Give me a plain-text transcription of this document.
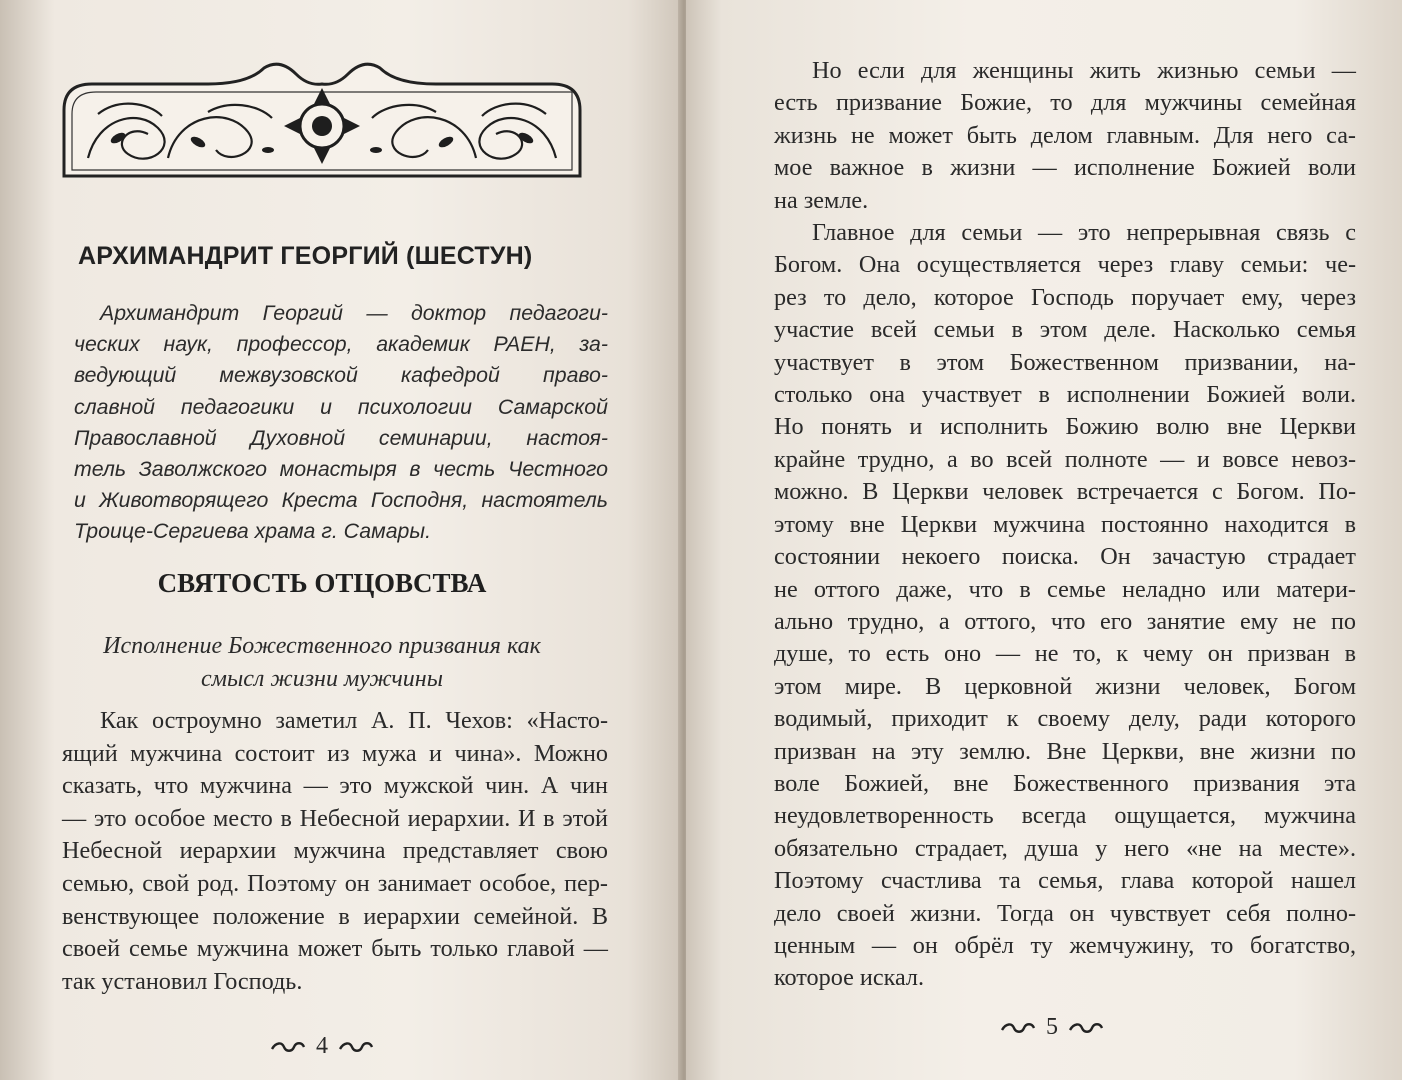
АРХИМАНДРИТ ГЕОРГИЙ (ШЕСТУН)
Архимандрит Георгий — доктор педагоги-
ческих наук, профессор, академик РАЕН, за-
ведующий межвузовской кафедрой право-
славной педагогики и психологии Самарской
Православной Духовной семинарии, настоя-
тель Заволжского монастыря в честь Честного
и Животворящего Креста Господня, настоятель
Троице-Сергиева храма г. Самары.
СВЯТОСТЬ ОТЦОВСТВА
Исполнение Божественного призвания как
смысл жизни мужчины
Как остроумно заметил А. П. Чехов: «Насто-
ящий мужчина состоит из мужа и чина». Можно
сказать, что мужчина — это мужской чин. А чин
— это особое место в Небесной иерархии. И в этой
Небесной иерархии мужчина представляет свою
семью, свой род. Поэтому он занимает особое, пер-
венствующее положение в иерархии семейной. В
своей семье мужчина может быть только главой —
так установил Господь.
4
Но если для женщины жить жизнью семьи —
есть призвание Божие, то для мужчины семейная
жизнь не может быть делом главным. Для него са-
мое важное в жизни — исполнение Божией воли
на земле.
Главное для семьи — это непрерывная связь с
Богом. Она осуществляется через главу семьи: че-
рез то дело, которое Господь поручает ему, через
участие всей семьи в этом деле. Насколько семья
участвует в этом Божественном призвании, на-
столько она участвует в исполнении Божией воли.
Но понять и исполнить Божию волю вне Церкви
крайне трудно, а во всей полноте — и вовсе невоз-
можно. В Церкви человек встречается с Богом. По-
этому вне Церкви мужчина постоянно находится в
состоянии некоего поиска. Он зачастую страдает
не оттого даже, что в семье неладно или матери-
ально трудно, а оттого, что его занятие ему не по
душе, то есть оно — не то, к чему он призван в
этом мире. В церковной жизни человек, Богом
водимый, приходит к своему делу, ради которого
призван на эту землю. Вне Церкви, вне жизни по
воле Божией, вне Божественного призвания эта
неудовлетворенность всегда ощущается, мужчина
обязательно страдает, душа у него «не на месте».
Поэтому счастлива та семья, глава которой нашел
дело своей жизни. Тогда он чувствует себя полно-
ценным — он обрёл ту жемчужину, то богатство,
которое искал.
5
